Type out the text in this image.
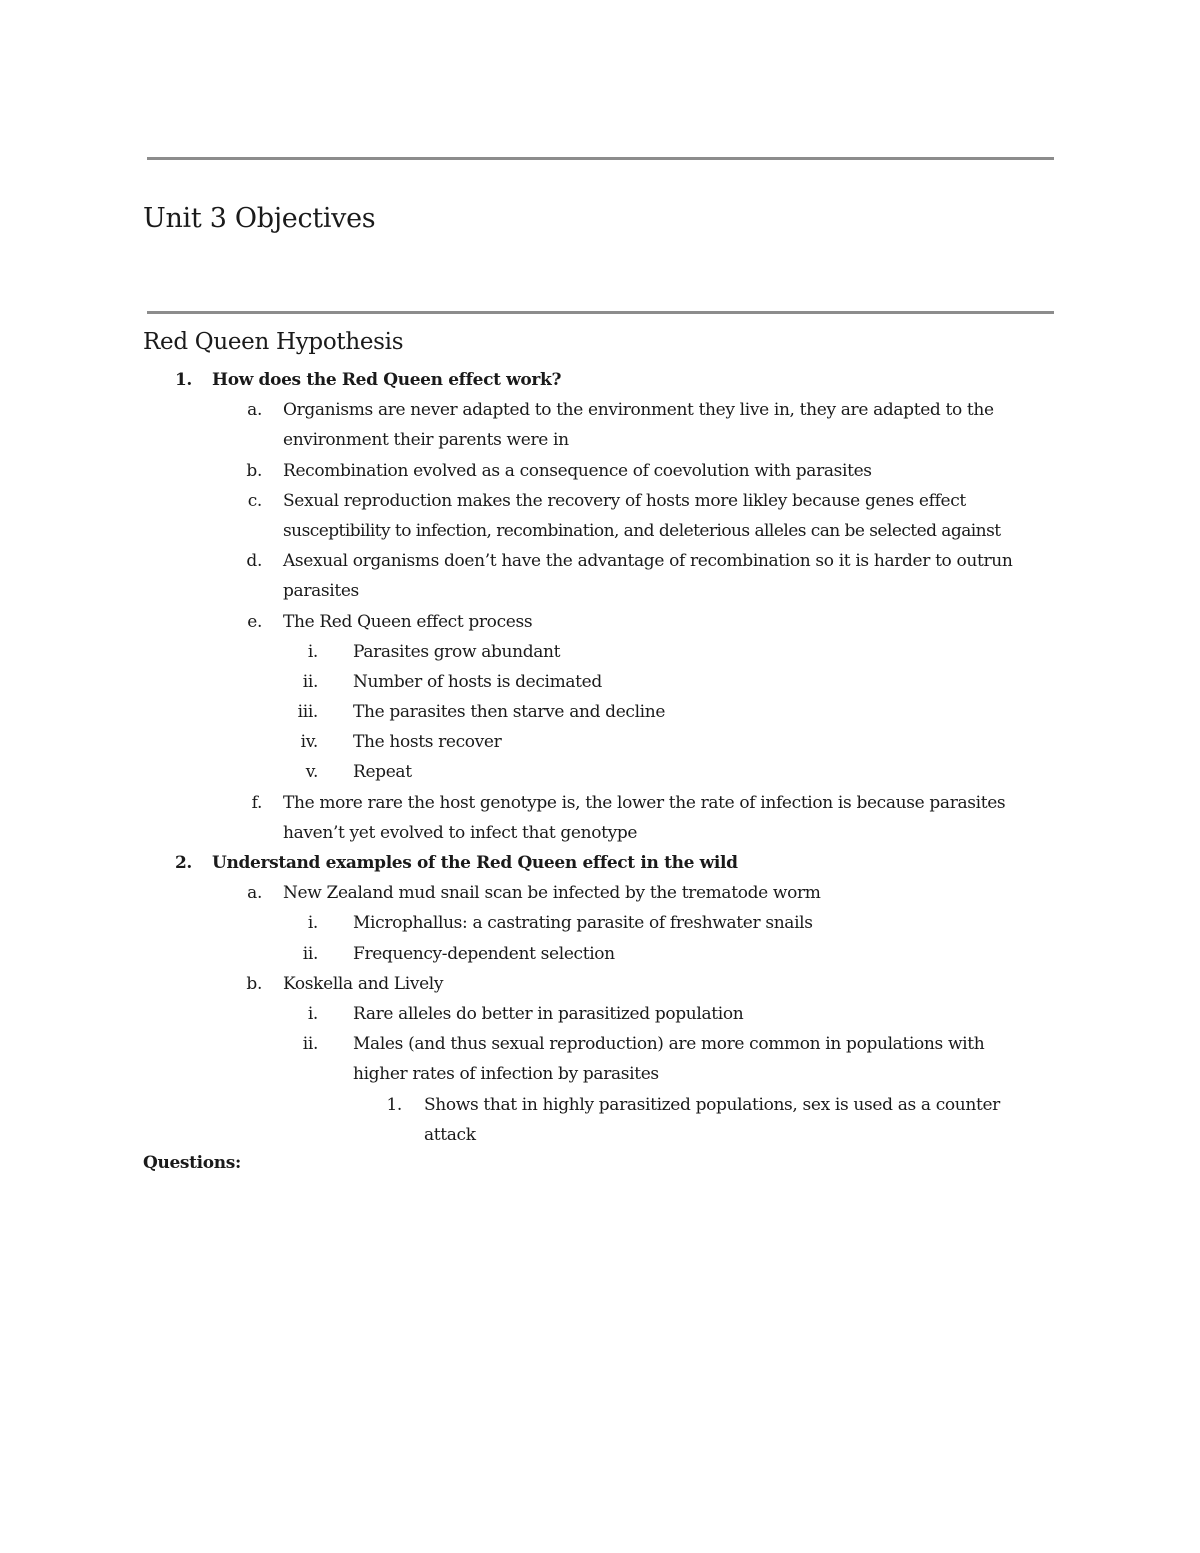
Unit 3 Objectives
Red Queen Hypothesis
1. How does the Red Queen effect work?
a. Organisms are never adapted to the environment they live in, they are adapted to the
environment their parents were in
b. Recombination evolved as a consequence of coevolution with parasites
c. Sexual reproduction makes the recovery of hosts more likley because genes effect
susceptibility to infection, recombination, and deleterious alleles can be selected against
d. Asexual organisms doen’t have the advantage of recombination so it is harder to outrun
parasites
e. The Red Queen effect process
i. Parasites grow abundant
ii. Number of hosts is decimated
iii. The parasites then starve and decline
iv. The hosts recover
v. Repeat
f. The more rare the host genotype is, the lower the rate of infection is because parasites
haven’t yet evolved to infect that genotype
2. Understand examples of the Red Queen effect in the wild
a. New Zealand mud snail scan be infected by the trematode worm
i. Microphallus: a castrating parasite of freshwater snails
ii. Frequency-dependent selection
b. Koskella and Lively
i. Rare alleles do better in parasitized population
ii. Males (and thus sexual reproduction) are more common in populations with
higher rates of infection by parasites
1. Shows that in highly parasitized populations, sex is used as a counter
attack
Questions:
